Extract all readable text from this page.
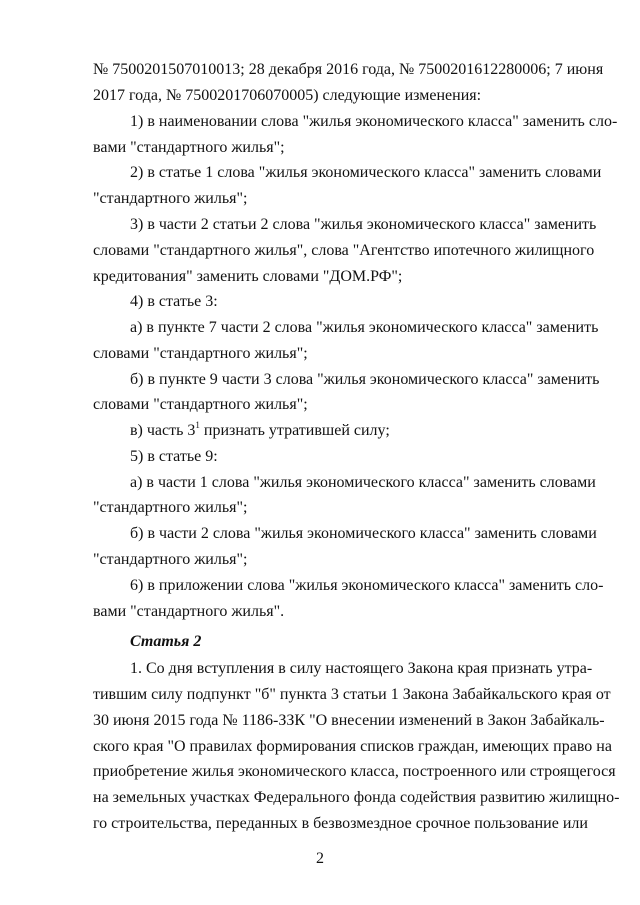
№ 7500201507010013; 28 декабря 2016 года, № 7500201612280006; 7 июня
2017 года, № 7500201706070005) следующие изменения:
1) в наименовании слова "жилья экономического класса" заменить сло-
вами "стандартного жилья";
2) в статье 1 слова "жилья экономического класса" заменить словами
"стандартного жилья";
3) в части 2 статьи 2 слова "жилья экономического класса" заменить
словами "стандартного жилья", слова "Агентство ипотечного жилищного
кредитования" заменить словами "ДОМ.РФ";
4) в статье 3:
а) в пункте 7 части 2 слова "жилья экономического класса" заменить
словами "стандартного жилья";
б) в пункте 9 части 3 слова "жилья экономического класса" заменить
словами "стандартного жилья";
в) часть $3^1$ признать утратившей силу;
5) в статье 9:
а) в части 1 слова "жилья экономического класса" заменить словами
"стандартного жилья";
б) в части 2 слова "жилья экономического класса" заменить словами
"стандартного жилья";
6) в приложении слова "жилья экономического класса" заменить сло-
вами "стандартного жилья".
Статья 2
1. Со дня вступления в силу настоящего Закона края признать утра-
тившим силу подпункт "б" пункта 3 статьи 1 Закона Забайкальского края от
30 июня 2015 года № 1186-ЗЗК "О внесении изменений в Закон Забайкаль-
ского края "О правилах формирования списков граждан, имеющих право на
приобретение жилья экономического класса, построенного или строящегося
на земельных участках Федерального фонда содействия развитию жилищно-
го строительства, переданных в безвозмездное срочное пользование или
2
